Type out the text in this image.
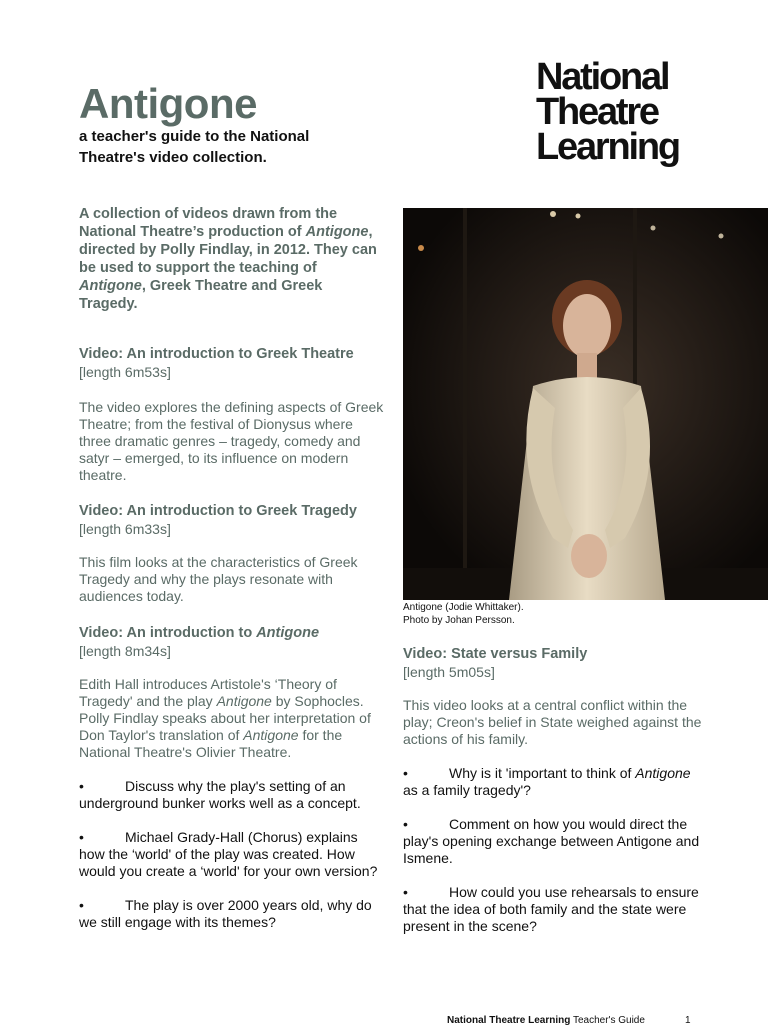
Antigone
a teacher's guide to the National Theatre's video collection.
National
Theatre
Learning
A collection of videos drawn from the National Theatre’s production of Antigone, directed by Polly Findlay, in 2012. They can be used to support the teaching of Antigone, Greek Theatre and Greek Tragedy.
Video: An introduction to Greek Theatre
[length 6m53s]
The video explores the defining aspects of Greek Theatre; from the festival of Dionysus where three dramatic genres – tragedy, comedy and satyr – emerged, to its influence on modern theatre.
Video: An introduction to Greek Tragedy
[length 6m33s]
This film looks at the characteristics of Greek Tragedy and why the plays resonate with audiences today.
Video: An introduction to Antigone
[length 8m34s]
Edith Hall introduces Artistole's ‘Theory of Tragedy' and the play Antigone by Sophocles. Polly Findlay speaks about her interpretation of Don Taylor's translation of Antigone for the National Theatre's Olivier Theatre.
•	Discuss why the play's setting of an underground bunker works well as a concept.
•	Michael Grady-Hall (Chorus) explains how the ‘world' of the play was created. How would you create a ‘world' for your own version?
•	The play is over 2000 years old, why do we still engage with its themes?
Antigone (Jodie Whittaker).
Photo by Johan Persson.
Video: State versus Family
[length 5m05s]
This video looks at a central conflict within the play; Creon's belief in State weighed against the actions of his family.
•	Why is it 'important to think of Antigone as a family tragedy'?
•	Comment on how you would direct the play's opening exchange between Antigone and Ismene.
•	How could you use rehearsals to ensure that the idea of both family and the state were present in the scene?
National Theatre Learning Teacher's Guide	1
